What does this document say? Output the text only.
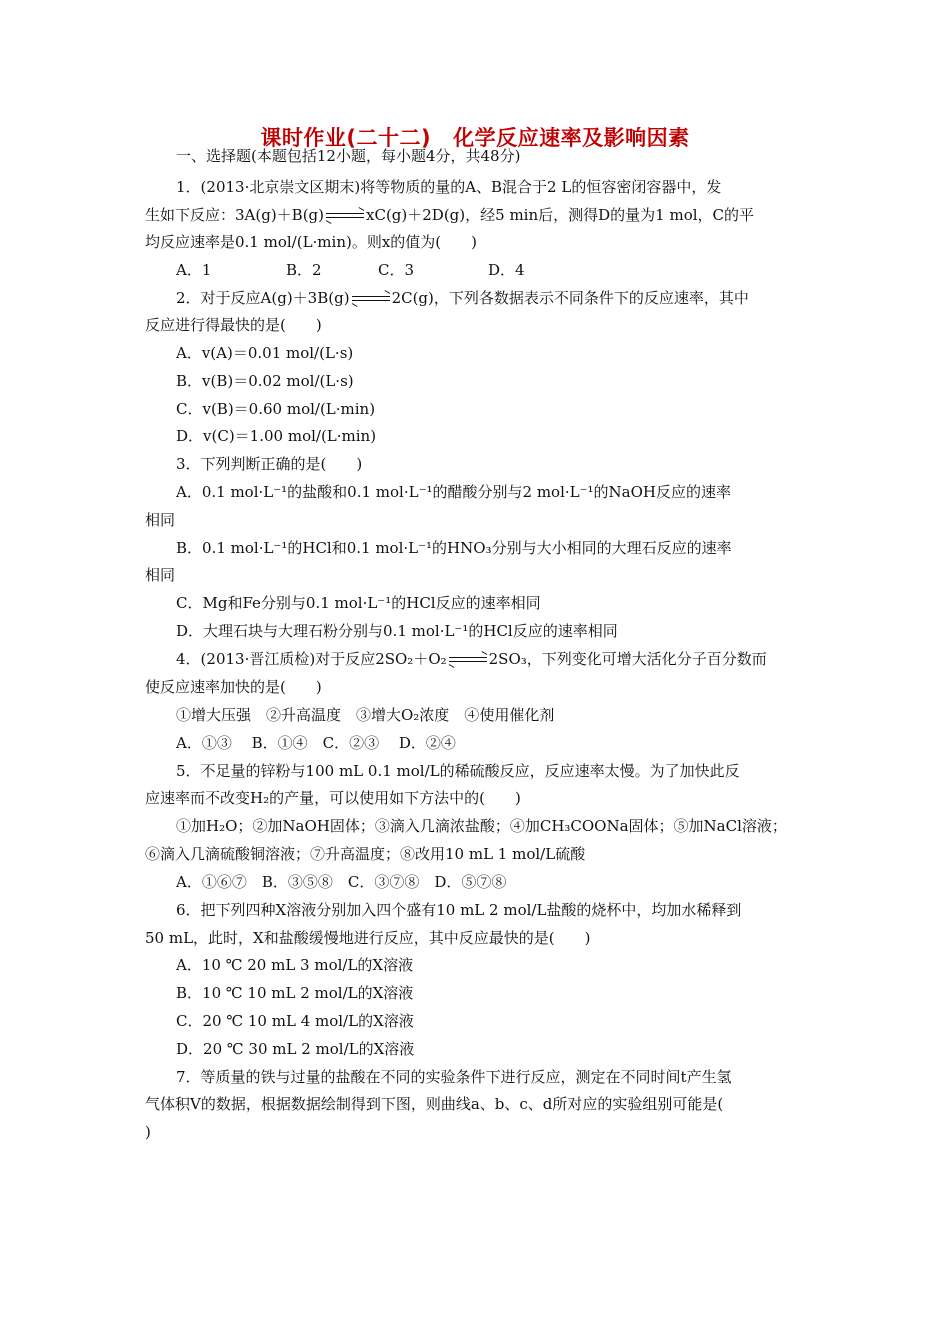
课时作业(二十二) 化学反应速率及影响因素
一、选择题(本题包括12小题，每小题4分，共48分)
1．(2013·北京崇文区期末)将等物质的量的A、B混合于2 L的恒容密闭容器中，发
生如下反应：3A(g)＋B(g)	xC(g)＋2D(g)，经5 min后，测得D的量为1 mol，C的平
均反应速率是0.1 mol/(L·min)。则x的值为(　　)
A．1	B．2	C．3	D．4
2．对于反应A(g)＋3B(g)	2C(g)，下列各数据表示不同条件下的反应速率，其中
反应进行得最快的是(　　)
A．v(A)＝0.01 mol/(L·s)
B．v(B)＝0.02 mol/(L·s)
C．v(B)＝0.60 mol/(L·min)
D．v(C)＝1.00 mol/(L·min)
3．下列判断正确的是(　　)
A．0.1 mol·L⁻¹的盐酸和0.1 mol·L⁻¹的醋酸分别与2 mol·L⁻¹的NaOH反应的速率
相同
B．0.1 mol·L⁻¹的HCl和0.1 mol·L⁻¹的HNO₃分别与大小相同的大理石反应的速率
相同
C．Mg和Fe分别与0.1 mol·L⁻¹的HCl反应的速率相同
D．大理石块与大理石粉分别与0.1 mol·L⁻¹的HCl反应的速率相同
4．(2013·晋江质检)对于反应2SO₂＋O₂	2SO₃，下列变化可增大活化分子百分数而
使反应速率加快的是(　　)
①增大压强　②升高温度　③增大O₂浓度　④使用催化剂
A．①③　 B．①④　C．②③　 D．②④
5．不足量的锌粉与100 mL 0.1 mol/L的稀硫酸反应，反应速率太慢。为了加快此反
应速率而不改变H₂的产量，可以使用如下方法中的(　　)
①加H₂O；②加NaOH固体；③滴入几滴浓盐酸；④加CH₃COONa固体；⑤加NaCl溶液；
⑥滴入几滴硫酸铜溶液；⑦升高温度；⑧改用10 mL 1 mol/L硫酸
A．①⑥⑦　B．③⑤⑧　C．③⑦⑧　D．⑤⑦⑧
6．把下列四种X溶液分别加入四个盛有10 mL 2 mol/L盐酸的烧杯中，均加水稀释到
50 mL，此时，X和盐酸缓慢地进行反应，其中反应最快的是(　　)
A．10 ℃ 20 mL 3 mol/L的X溶液
B．10 ℃ 10 mL 2 mol/L的X溶液
C．20 ℃ 10 mL 4 mol/L的X溶液
D．20 ℃ 30 mL 2 mol/L的X溶液
7．等质量的铁与过量的盐酸在不同的实验条件下进行反应，测定在不同时间t产生氢
气体积V的数据，根据数据绘制得到下图，则曲线a、b、c、d所对应的实验组别可能是(
)
